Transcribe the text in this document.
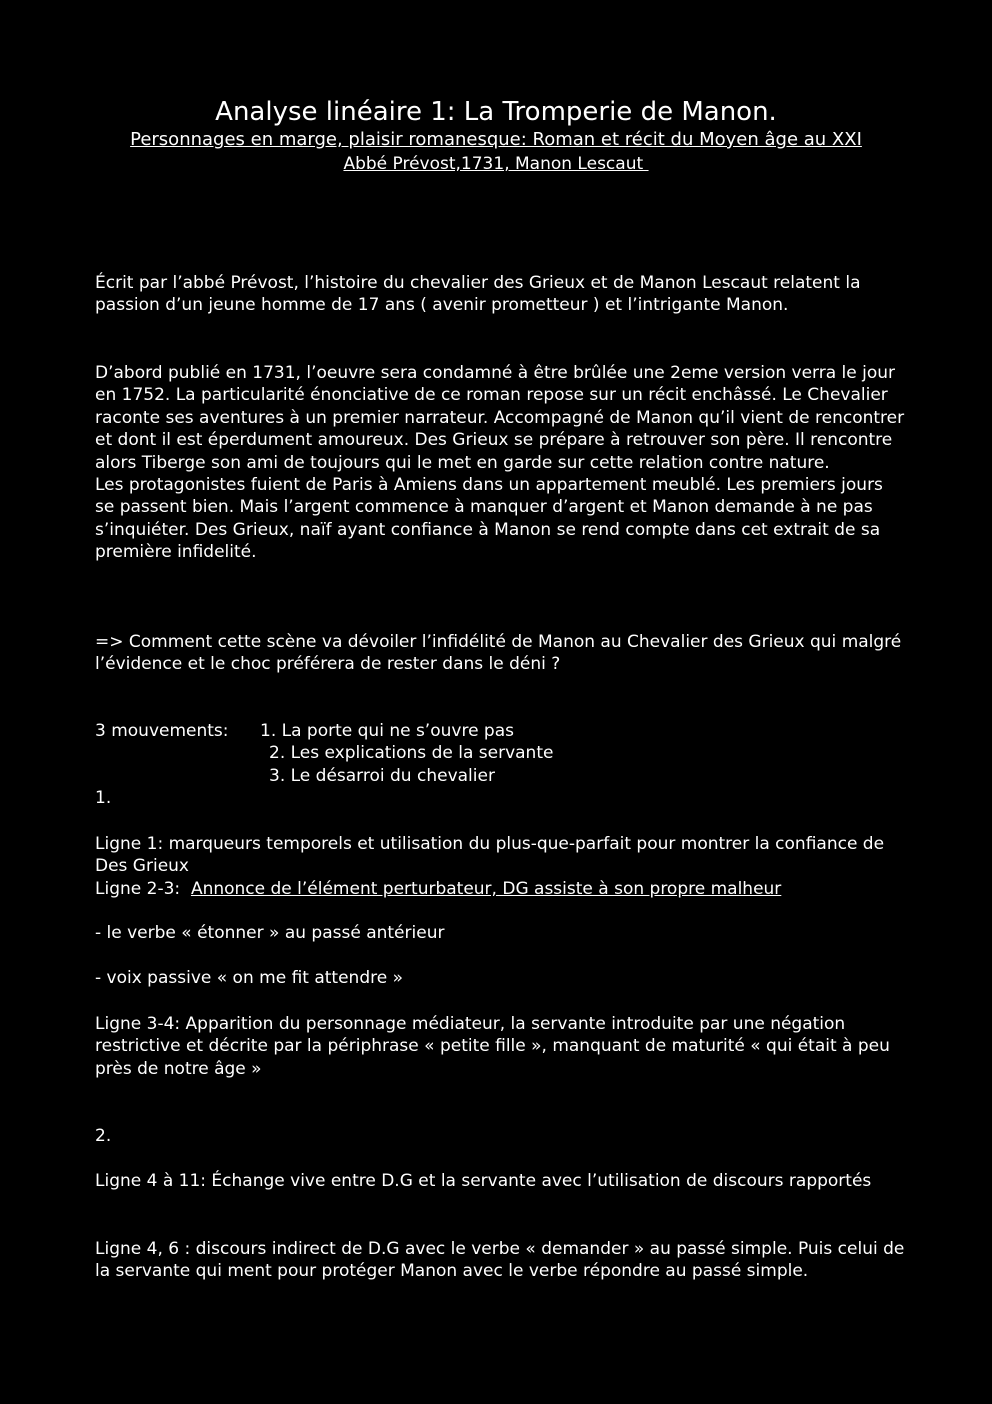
Analyse linéaire 1: La Tromperie de Manon.
Personnages en marge, plaisir romanesque: Roman et récit du Moyen âge au XXI
Abbé Prévost,1731, Manon Lescaut

Écrit par l’abbé Prévost, l’histoire du chevalier des Grieux et de Manon Lescaut relatent la passion d’un jeune homme de 17 ans ( avenir prometteur ) et l’intrigante Manon.

D’abord publié en 1731, l’oeuvre sera condamné à être brûlée une 2eme version verra le jour en 1752. La particularité énonciative de ce roman repose sur un récit enchâssé. Le Chevalier raconte ses aventures à un premier narrateur. Accompagné de Manon qu’il vient de rencontrer et dont il est éperdument amoureux. Des Grieux se prépare à retrouver son père. Il rencontre alors Tiberge son ami de toujours qui le met en garde sur cette relation contre nature.

Les protagonistes fuient de Paris à Amiens dans un appartement meublé. Les premiers jours se passent bien. Mais l’argent commence à manquer d’argent et Manon demande à ne pas s’inquiéter. Des Grieux, naïf ayant confiance à Manon se rend compte dans cet extrait de sa première infidelité.

=> Comment cette scène va dévoiler l’infidélité de Manon au Chevalier des Grieux qui malgré l’évidence et le choc préférera de rester dans le déni ?

3 mouvements:	1. La porte qui ne s’ouvre pas
2. Les explications de la servante
3. Le désarroi du chevalier
1.

Ligne 1: marqueurs temporels et utilisation du plus-que-parfait pour montrer la confiance de Des Grieux

Ligne 2-3:  Annonce de l’élément perturbateur, DG assiste à son propre malheur

- le verbe « étonner » au passé antérieur

- voix passive « on me fit attendre »

Ligne 3-4: Apparition du personnage médiateur, la servante introduite par une négation restrictive et décrite par la périphrase « petite fille », manquant de maturité « qui était à peu près de notre âge »

2.

Ligne 4 à 11: Échange vive entre D.G et la servante avec l’utilisation de discours rapportés

Ligne 4, 6 : discours indirect de D.G avec le verbe « demander » au passé simple. Puis celui de la servante qui ment pour protéger Manon avec le verbe répondre au passé simple.
